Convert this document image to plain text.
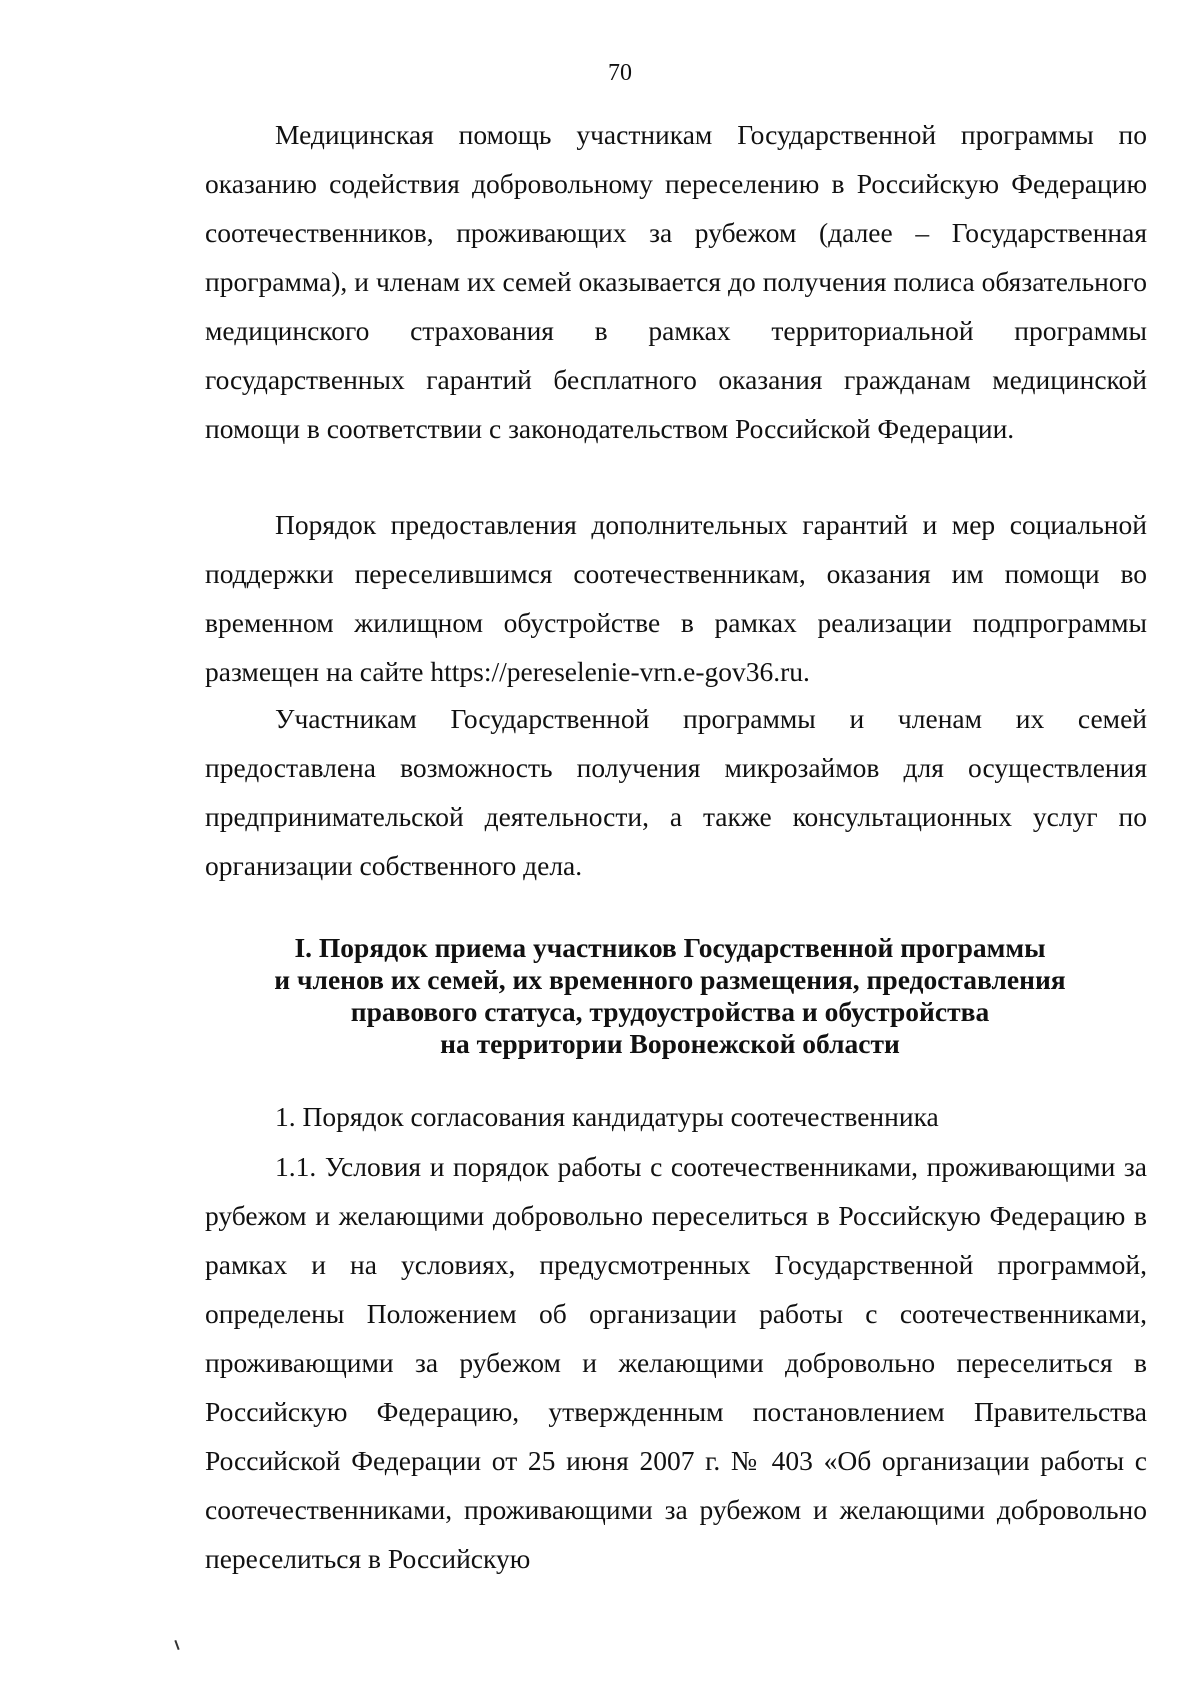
70

Медицинская помощь участникам Государственной программы по оказанию содействия добровольному переселению в Российскую Федерацию соотечественников, проживающих за рубежом (далее – Государственная программа), и членам их семей оказывается до получения полиса обязательного медицинского страхования в рамках территориальной программы государственных гарантий бесплатного оказания гражданам медицинской помощи в соответствии с законодательством Российской Федерации.

Порядок предоставления дополнительных гарантий и мер социальной поддержки переселившимся соотечественникам, оказания им помощи во временном жилищном обустройстве в рамках реализации подпрограммы размещен на сайте https://pereselenie-vrn.e-gov36.ru.

Участникам Государственной программы и членам их семей предоставлена возможность получения микрозаймов для осуществления предпринимательской деятельности, а также консультационных услуг по организации собственного дела.

I. Порядок приема участников Государственной программы
и членов их семей, их временного размещения, предоставления
правового статуса, трудоустройства и обустройства
на территории Воронежской области

1. Порядок согласования кандидатуры соотечественника

1.1. Условия и порядок работы с соотечественниками, проживающими за рубежом и желающими добровольно переселиться в Российскую Федерацию в рамках и на условиях, предусмотренных Государственной программой, определены Положением об организации работы с соотечественниками, проживающими за рубежом и желающими добровольно переселиться в Российскую Федерацию, утвержденным постановлением Правительства Российской Федерации от 25 июня 2007 г. № 403 «Об организации работы с соотечественниками, проживающими за рубежом и желающими добровольно переселиться в Российскую
